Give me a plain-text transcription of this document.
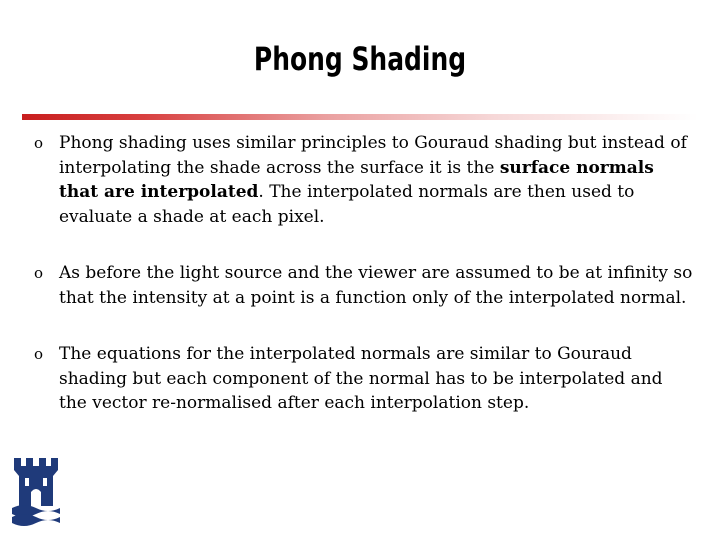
Phong Shading
o Phong shading uses similar principles to Gouraud shading but instead of interpolating the shade across the surface it is the surface normals that are interpolated. The interpolated normals are then used to evaluate a shade at each pixel.
o As before the light source and the viewer are assumed to be at infinity so that the intensity at a point is a function only of the interpolated normal.
o The equations for the interpolated normals are similar to Gouraud shading but each component of the normal has to be interpolated and the vector re-normalised after each interpolation step.
